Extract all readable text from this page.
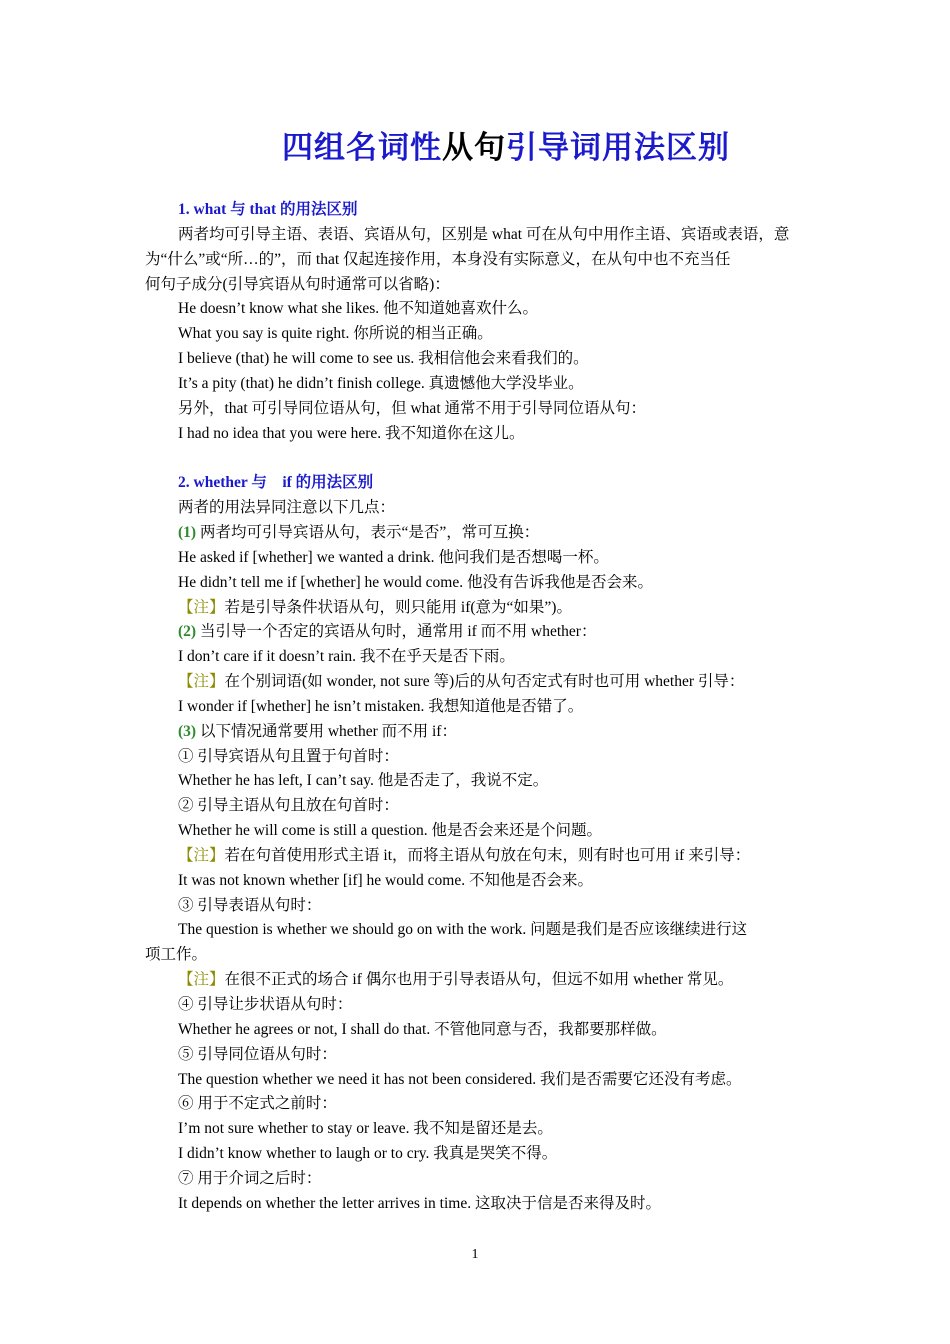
四组名词性从句引导词用法区别
1. what 与 that 的用法区别
两者均可引导主语、表语、宾语从句，区别是 what 可在从句中用作主语、宾语或表语，意
为“什么”或“所…的”，而 that 仅起连接作用，本身没有实际意义，在从句中也不充当任
何句子成分(引导宾语从句时通常可以省略)：
He doesn’t know what she likes. 他不知道她喜欢什么。
What you say is quite right. 你所说的相当正确。
I believe (that) he will come to see us. 我相信他会来看我们的。
It’s a pity (that) he didn’t finish college. 真遗憾他大学没毕业。
另外，that 可引导同位语从句，但 what 通常不用于引导同位语从句：
I had no idea that you were here. 我不知道你在这儿。
2. whether 与　if 的用法区别
两者的用法异同注意以下几点：
(1) 两者均可引导宾语从句，表示“是否”，常可互换：
He asked if [whether] we wanted a drink. 他问我们是否想喝一杯。
He didn’t tell me if [whether] he would come. 他没有告诉我他是否会来。
【注】若是引导条件状语从句，则只能用 if(意为“如果”)。
(2) 当引导一个否定的宾语从句时，通常用 if 而不用 whether：
I don’t care if it doesn’t rain. 我不在乎天是否下雨。
【注】在个别词语(如 wonder, not sure 等)后的从句否定式有时也可用 whether 引导：
I wonder if [whether] he isn’t mistaken. 我想知道他是否错了。
(3) 以下情况通常要用 whether 而不用 if：
① 引导宾语从句且置于句首时：
Whether he has left, I can’t say. 他是否走了，我说不定。
② 引导主语从句且放在句首时：
Whether he will come is still a question. 他是否会来还是个问题。
【注】若在句首使用形式主语 it，而将主语从句放在句末，则有时也可用 if 来引导：
It was not known whether [if] he would come. 不知他是否会来。
③ 引导表语从句时：
The question is whether we should go on with the work. 问题是我们是否应该继续进行这
项工作。
【注】在很不正式的场合 if 偶尔也用于引导表语从句，但远不如用 whether 常见。
④ 引导让步状语从句时：
Whether he agrees or not, I shall do that. 不管他同意与否，我都要那样做。
⑤ 引导同位语从句时：
The question whether we need it has not been considered. 我们是否需要它还没有考虑。
⑥ 用于不定式之前时：
I’m not sure whether to stay or leave. 我不知是留还是去。
I didn’t know whether to laugh or to cry. 我真是哭笑不得。
⑦ 用于介词之后时：
It depends on whether the letter arrives in time. 这取决于信是否来得及时。
1
